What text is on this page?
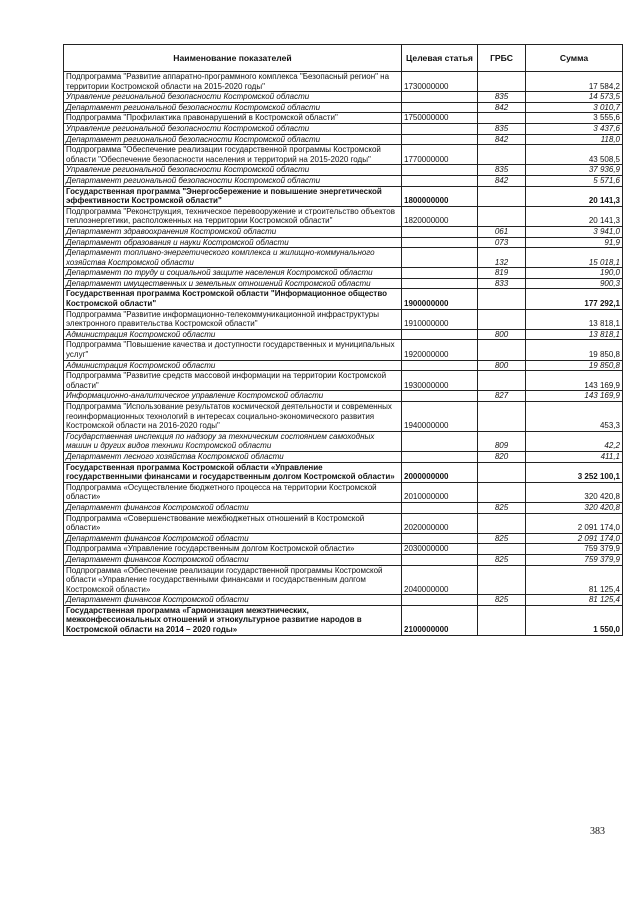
Наименование показателей	Целевая статья	ГРБС	Сумма
Подпрограмма "Развитие аппаратно-программного комплекса "Безопасный регион" на территории Костромской области на 2015-2020 годы"	1730000000		17 584,2
Управление региональной безопасности Костромской области		835	14 573,5
Департамент региональной безопасности Костромской области		842	3 010,7
Подпрограмма "Профилактика правонарушений в Костромской области"	1750000000		3 555,6
Управление региональной безопасности Костромской области		835	3 437,6
Департамент региональной безопасности Костромской области		842	118,0
Подпрограмма "Обеспечение реализации государственной программы Костромской области "Обеспечение безопасности населения и территорий на 2015-2020 годы"	1770000000		43 508,5
Управление региональной безопасности Костромской области		835	37 936,9
Департамент региональной безопасности Костромской области		842	5 571,6
Государственная программа "Энергосбережение и повышение энергетической эффективности Костромской области"	1800000000		20 141,3
Подпрограмма "Реконструкция, техническое перевооружение и строительство объектов теплоэнергетики, расположенных на территории Костромской области"	1820000000		20 141,3
Департамент здравоохранения Костромской области		061	3 941,0
Департамент образования и науки Костромской области		073	91,9
Департамент топливно-энергетического комплекса и жилищно-коммунального хозяйства Костромской области		132	15 018,1
Департамент по труду и социальной защите населения Костромской области		819	190,0
Департамент имущественных и земельных отношений Костромской области		833	900,3
Государственная программа Костромской области "Информационное общество Костромской области"	1900000000		177 292,1
Подпрограмма "Развитие информационно-телекоммуникационной инфраструктуры электронного правительства Костромской области"	1910000000		13 818,1
Администрация Костромской области		800	13 818,1
Подпрограмма "Повышение качества и доступности государственных и муниципальных услуг"	1920000000		19 850,8
Администрация Костромской области		800	19 850,8
Подпрограмма "Развитие средств массовой информации на территории Костромской области"	1930000000		143 169,9
Информационно-аналитическое управление Костромской области		827	143 169,9
Подпрограмма "Использование результатов космической деятельности и современных геоинформационных технологий в интересах социально-экономического развития Костромской области на 2016-2020 годы"	1940000000		453,3
Государственная инспекция по надзору за техническим состоянием самоходных машин и других видов техники Костромской области		809	42,2
Департамент лесного хозяйства Костромской области		820	411,1
Государственная программа Костромской области «Управление государственными финансами и государственным долгом Костромской области»	2000000000		3 252 100,1
Подпрограмма «Осуществление бюджетного процесса на территории Костромской области»	2010000000		320 420,8
Департамент финансов Костромской области		825	320 420,8
Подпрограмма «Совершенствование межбюджетных отношений в Костромской области»	2020000000		2 091 174,0
Департамент финансов Костромской области		825	2 091 174,0
Подпрограмма «Управление государственным долгом Костромской области»	2030000000		759 379,9
Департамент финансов Костромской области		825	759 379,9
Подпрограмма «Обеспечение реализации государственной программы Костромской области «Управление государственными финансами и государственным долгом Костромской области»	2040000000		81 125,4
Департамент финансов Костромской области		825	81 125,4
Государственная программа «Гармонизация межэтнических, межконфессиональных отношений и этнокультурное развитие народов в Костромской области на 2014 – 2020 годы»	2100000000		1 550,0
383
